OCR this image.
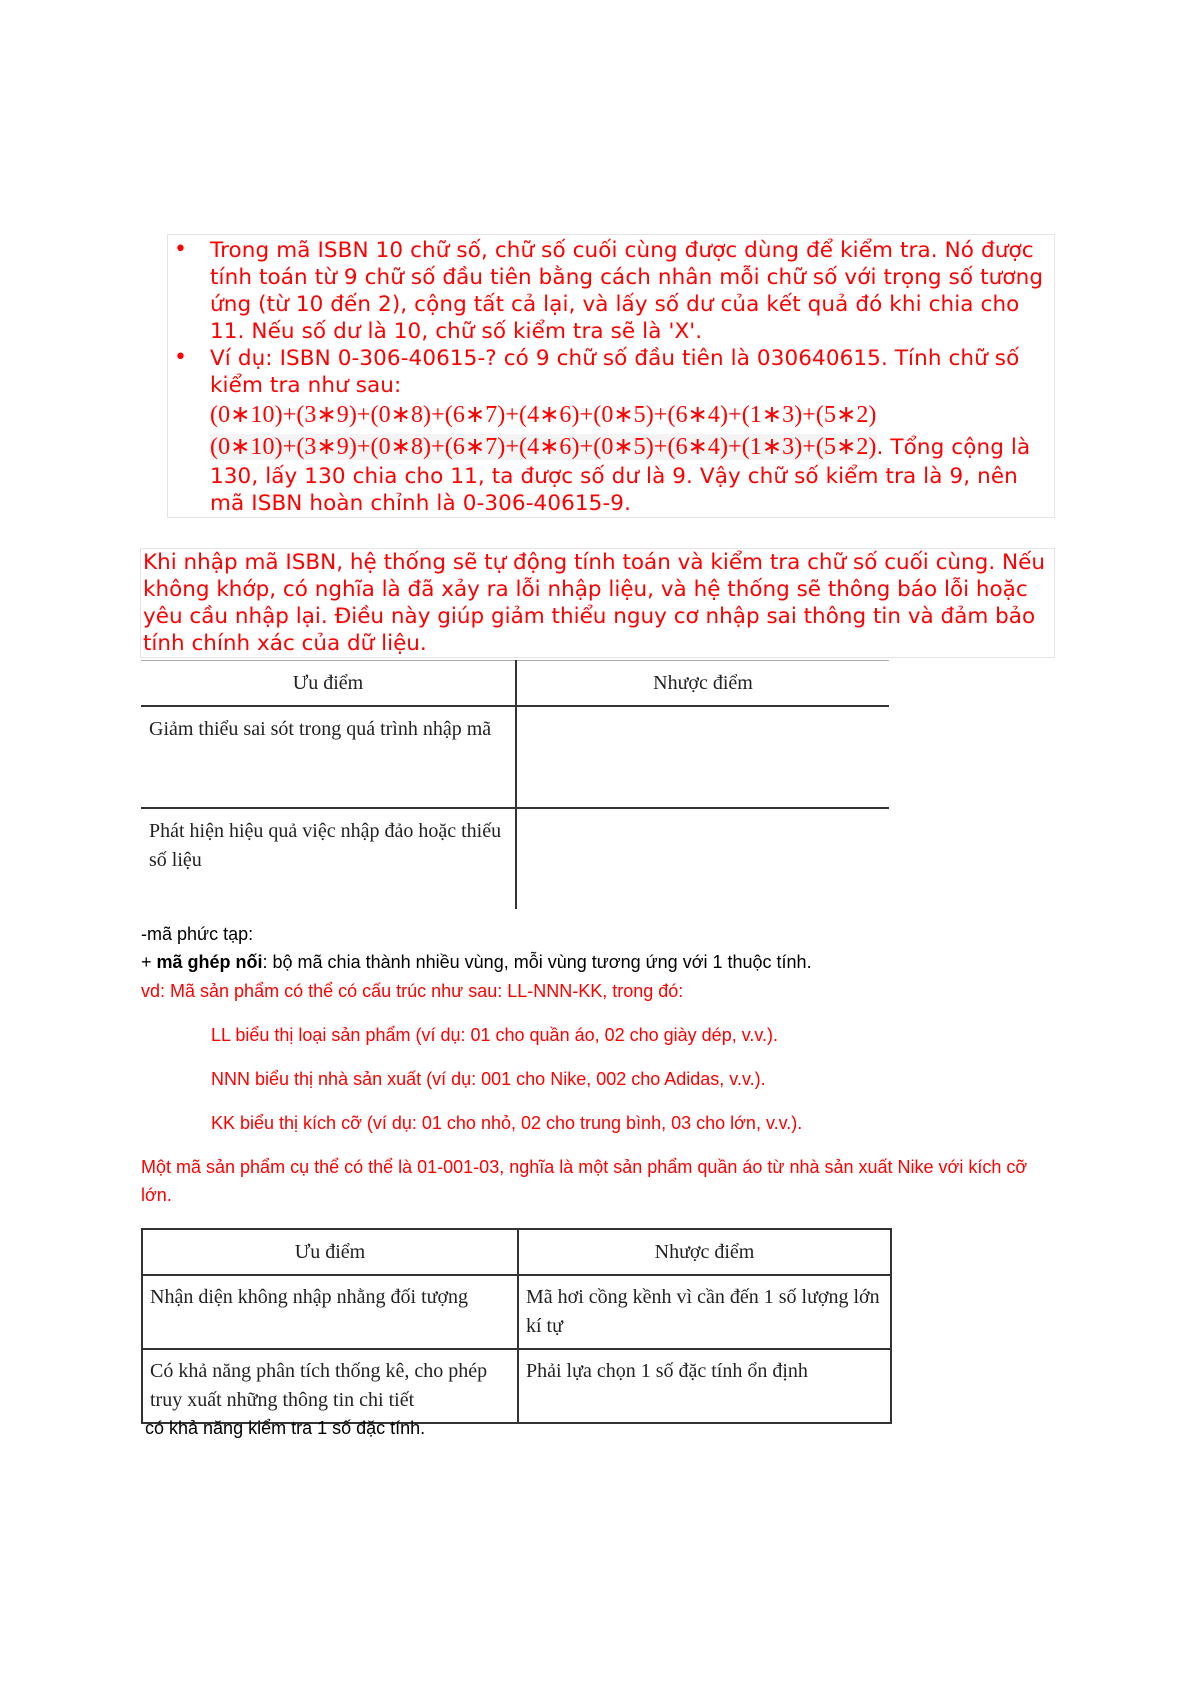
• Trong mã ISBN 10 chữ số, chữ số cuối cùng được dùng để kiểm tra. Nó được tính toán từ 9 chữ số đầu tiên bằng cách nhân mỗi chữ số với trọng số tương ứng (từ 10 đến 2), cộng tất cả lại, và lấy số dư của kết quả đó khi chia cho 11. Nếu số dư là 10, chữ số kiểm tra sẽ là 'X'.
• Ví dụ: ISBN 0-306-40615-? có 9 chữ số đầu tiên là 030640615. Tính chữ số kiểm tra như sau:
(0∗10)+(3∗9)+(0∗8)+(6∗7)+(4∗6)+(0∗5)+(6∗4)+(1∗3)+(5∗2)
(0∗10)+(3∗9)+(0∗8)+(6∗7)+(4∗6)+(0∗5)+(6∗4)+(1∗3)+(5∗2). Tổng cộng là 130, lấy 130 chia cho 11, ta được số dư là 9. Vậy chữ số kiểm tra là 9, nên mã ISBN hoàn chỉnh là 0-306-40615-9.

Khi nhập mã ISBN, hệ thống sẽ tự động tính toán và kiểm tra chữ số cuối cùng. Nếu không khớp, có nghĩa là đã xảy ra lỗi nhập liệu, và hệ thống sẽ thông báo lỗi hoặc yêu cầu nhập lại. Điều này giúp giảm thiểu nguy cơ nhập sai thông tin và đảm bảo tính chính xác của dữ liệu.

Ưu điểm	Nhược điểm
Giảm thiểu sai sót trong quá trình nhập mã	
Phát hiện hiệu quả việc nhập đảo hoặc thiếu số liệu	

-mã phức tạp:

+ mã ghép nối: bộ mã chia thành nhiều vùng, mỗi vùng tương ứng với 1 thuộc tính.

vd: Mã sản phẩm có thể có cấu trúc như sau: LL-NNN-KK, trong đó:

LL biểu thị loại sản phẩm (ví dụ: 01 cho quần áo, 02 cho giày dép, v.v.).

NNN biểu thị nhà sản xuất (ví dụ: 001 cho Nike, 002 cho Adidas, v.v.).

KK biểu thị kích cỡ (ví dụ: 01 cho nhỏ, 02 cho trung bình, 03 cho lớn, v.v.).

Một mã sản phẩm cụ thể có thể là 01-001-03, nghĩa là một sản phẩm quần áo từ nhà sản xuất Nike với kích cỡ lớn.

Ưu điểm	Nhược điểm
Nhận diện không nhập nhằng đối tượng	Mã hơi cồng kềnh vì cần đến 1 số lượng lớn kí tự
Có khả năng phân tích thống kê, cho phép truy xuất những thông tin chi tiết	Phải lựa chọn 1 số đặc tính ổn định

có khả năng kiểm tra 1 số đặc tính.
